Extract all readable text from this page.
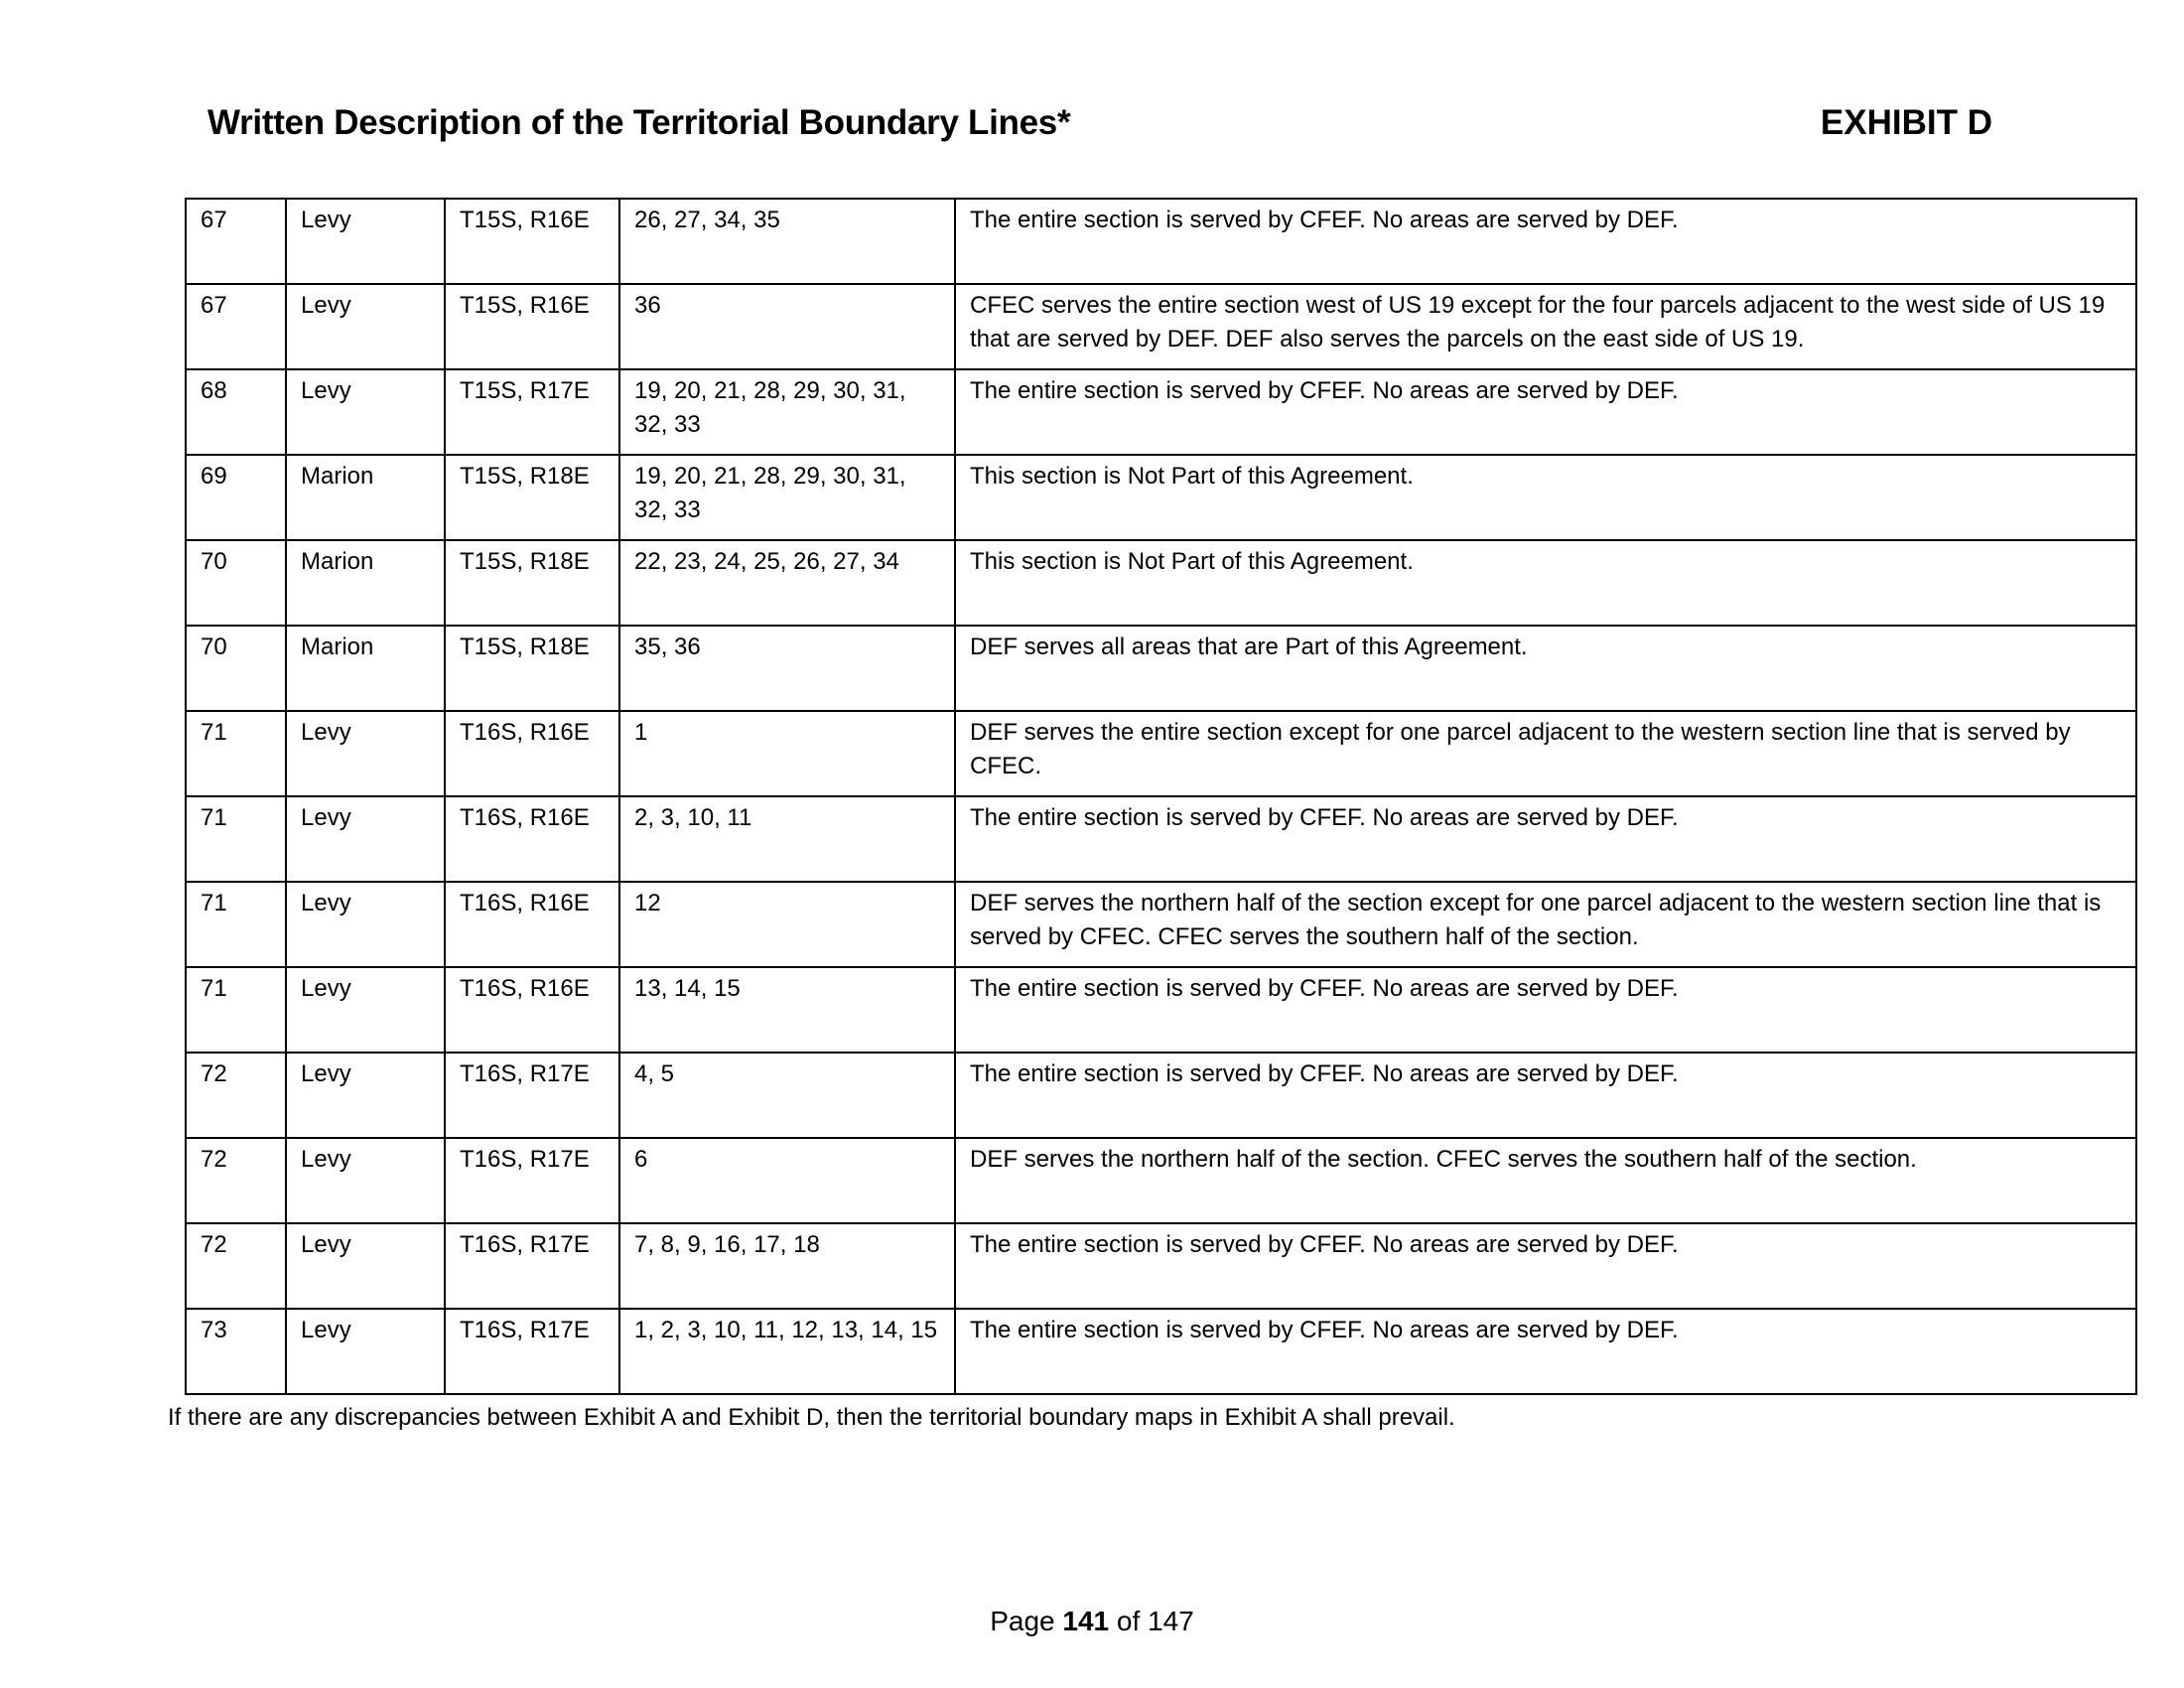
Written Description of the Territorial Boundary Lines*	EXHIBIT D
67	Levy	T15S, R16E	26, 27, 34, 35	The entire section is served by CFEF. No areas are served by DEF.
67	Levy	T15S, R16E	36	CFEC serves the entire section west of US 19 except for the four parcels adjacent to the west side of US 19 that are served by DEF. DEF also serves the parcels on the east side of US 19.
68	Levy	T15S, R17E	19, 20, 21, 28, 29, 30, 31, 32, 33	The entire section is served by CFEF. No areas are served by DEF.
69	Marion	T15S, R18E	19, 20, 21, 28, 29, 30, 31, 32, 33	This section is Not Part of this Agreement.
70	Marion	T15S, R18E	22, 23, 24, 25, 26, 27, 34	This section is Not Part of this Agreement.
70	Marion	T15S, R18E	35, 36	DEF serves all areas that are Part of this Agreement.
71	Levy	T16S, R16E	1	DEF serves the entire section except for one parcel adjacent to the western section line that is served by CFEC.
71	Levy	T16S, R16E	2, 3, 10, 11	The entire section is served by CFEF. No areas are served by DEF.
71	Levy	T16S, R16E	12	DEF serves the northern half of the section except for one parcel adjacent to the western section line that is served by CFEC. CFEC serves the southern half of the section.
71	Levy	T16S, R16E	13, 14, 15	The entire section is served by CFEF. No areas are served by DEF.
72	Levy	T16S, R17E	4, 5	The entire section is served by CFEF. No areas are served by DEF.
72	Levy	T16S, R17E	6	DEF serves the northern half of the section. CFEC serves the southern half of the section.
72	Levy	T16S, R17E	7, 8, 9, 16, 17, 18	The entire section is served by CFEF. No areas are served by DEF.
73	Levy	T16S, R17E	1, 2, 3, 10, 11, 12, 13, 14, 15	The entire section is served by CFEF. No areas are served by DEF.
If there are any discrepancies between Exhibit A and Exhibit D, then the territorial boundary maps in Exhibit A shall prevail.
Page 141 of 147
